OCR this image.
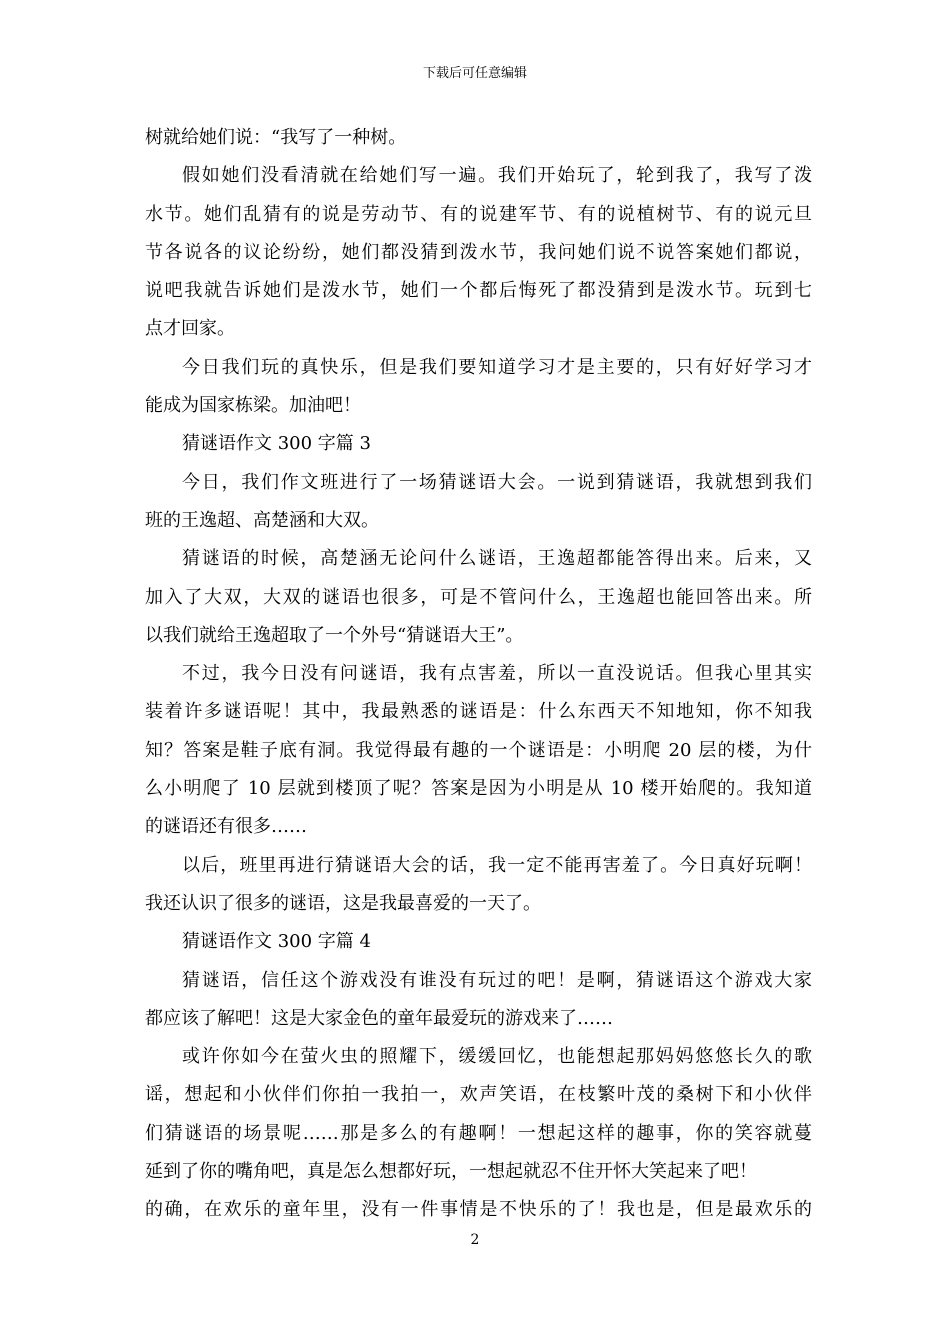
下载后可任意编辑
树就给她们说：“我写了一种树。
假如她们没看清就在给她们写一遍。我们开始玩了，轮到我了，我写了泼
水节。她们乱猜有的说是劳动节、有的说建军节、有的说植树节、有的说元旦
节各说各的议论纷纷，她们都没猜到泼水节，我问她们说不说答案她们都说，
说吧我就告诉她们是泼水节，她们一个都后悔死了都没猜到是泼水节。玩到七
点才回家。
今日我们玩的真快乐，但是我们要知道学习才是主要的，只有好好学习才
能成为国家栋梁。加油吧！
猜谜语作文 300 字篇 3
今日，我们作文班进行了一场猜谜语大会。一说到猜谜语，我就想到我们
班的王逸超、高楚涵和大双。
猜谜语的时候，高楚涵无论问什么谜语，王逸超都能答得出来。后来，又
加入了大双，大双的谜语也很多，可是不管问什么，王逸超也能回答出来。所
以我们就给王逸超取了一个外号“猜谜语大王”。
不过，我今日没有问谜语，我有点害羞，所以一直没说话。但我心里其实
装着许多谜语呢！其中，我最熟悉的谜语是：什么东西天不知地知，你不知我
知？答案是鞋子底有洞。我觉得最有趣的一个谜语是：小明爬 20 层的楼，为什
么小明爬了 10 层就到楼顶了呢？答案是因为小明是从 10 楼开始爬的。我知道
的谜语还有很多……
以后，班里再进行猜谜语大会的话，我一定不能再害羞了。今日真好玩啊！
我还认识了很多的谜语，这是我最喜爱的一天了。
猜谜语作文 300 字篇 4
猜谜语，信任这个游戏没有谁没有玩过的吧！是啊，猜谜语这个游戏大家
都应该了解吧！这是大家金色的童年最爱玩的游戏来了……
或许你如今在萤火虫的照耀下，缓缓回忆，也能想起那妈妈悠悠长久的歌
谣，想起和小伙伴们你拍一我拍一，欢声笑语，在枝繁叶茂的桑树下和小伙伴
们猜谜语的场景呢……那是多么的有趣啊！一想起这样的趣事，你的笑容就蔓
延到了你的嘴角吧，真是怎么想都好玩，一想起就忍不住开怀大笑起来了吧！
的确，在欢乐的童年里，没有一件事情是不快乐的了！我也是，但是最欢乐的
2
